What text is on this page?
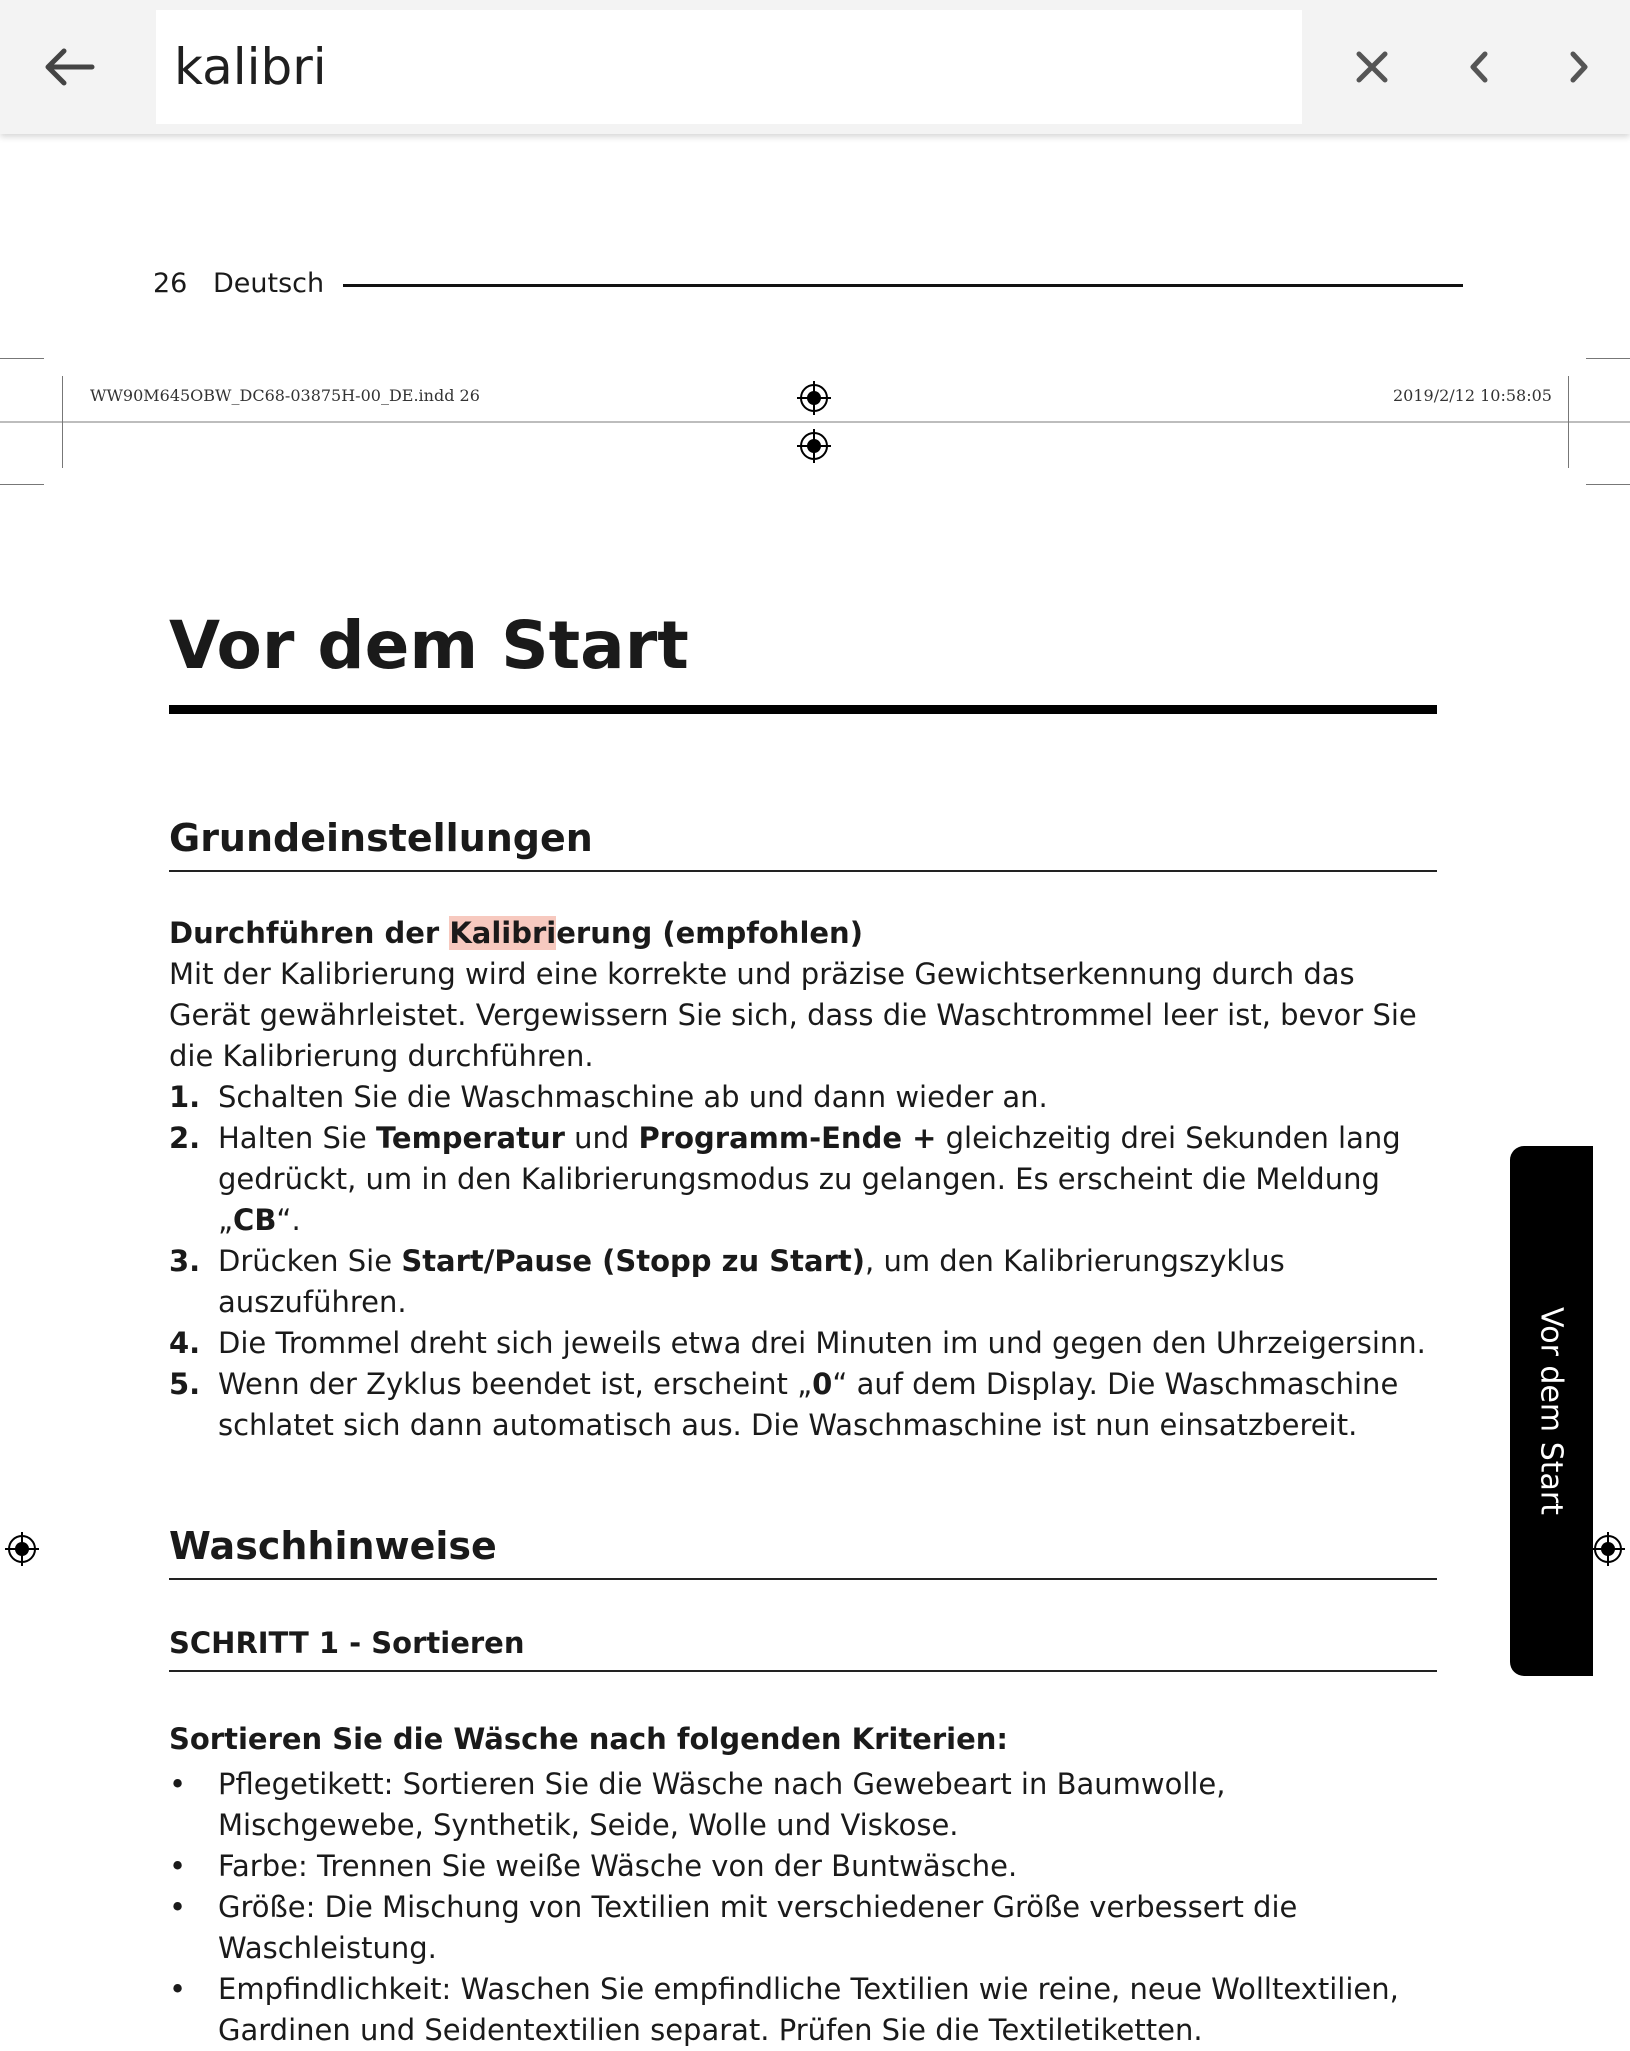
kalibri
26 Deutsch
WW90M645OBW_DC68-03875H-00_DE.indd 26	2019/2/12 10:58:05
Vor dem Start
Grundeinstellungen
Durchführen der Kalibrierung (empfohlen)

Mit der Kalibrierung wird eine korrekte und präzise Gewichtserkennung durch das Gerät gewährleistet. Vergewissern Sie sich, dass die Waschtrommel leer ist, bevor Sie die Kalibrierung durchführen.

1. Schalten Sie die Waschmaschine ab und dann wieder an.
2. Halten Sie Temperatur und Programm-Ende + gleichzeitig drei Sekunden lang gedrückt, um in den Kalibrierungsmodus zu gelangen. Es erscheint die Meldung „CB“.
3. Drücken Sie Start/Pause (Stopp zu Start), um den Kalibrierungszyklus auszuführen.
4. Die Trommel dreht sich jeweils etwa drei Minuten im und gegen den Uhrzeigersinn.
5. Wenn der Zyklus beendet ist, erscheint „0“ auf dem Display. Die Waschmaschine schlatet sich dann automatisch aus. Die Waschmaschine ist nun einsatzbereit.
Waschhinweise
SCHRITT 1 - Sortieren
Sortieren Sie die Wäsche nach folgenden Kriterien:
• Pflegetikett: Sortieren Sie die Wäsche nach Gewebeart in Baumwolle, Mischgewebe, Synthetik, Seide, Wolle und Viskose.
• Farbe: Trennen Sie weiße Wäsche von der Buntwäsche.
• Größe: Die Mischung von Textilien mit verschiedener Größe verbessert die Waschleistung.
• Empfindlichkeit: Waschen Sie empfindliche Textilien wie reine, neue Wolltextilien, Gardinen und Seidentextilien separat. Prüfen Sie die Textiletiketten.
Vor dem Start
